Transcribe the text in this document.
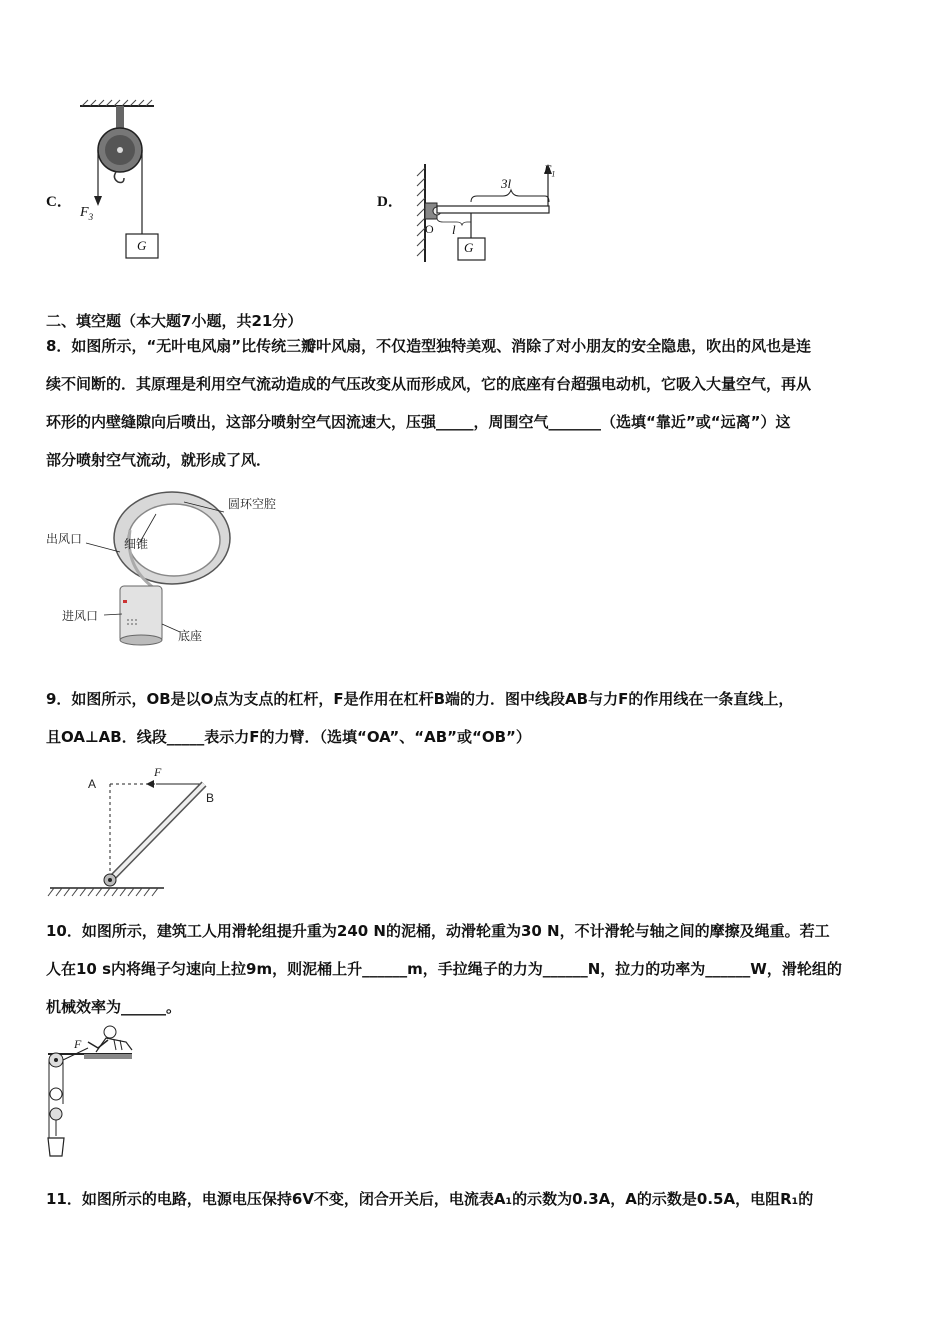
C．
$F_3$
G
D．
$F_1$
3l
l
O
G
二、填空题（本大题7小题，共21分）
8．如图所示，“无叶电风扇”比传统三瓣叶风扇，不仅造型独特美观、消除了对小朋友的安全隐患，吹出的风也是连
续不间断的．其原理是利用空气流动造成的气压改变从而形成风，它的底座有台超强电动机，它吸入大量空气，再从
环形的内壁缝隙向后喷出，这部分喷射空气因流速大，压强_____，周围空气_______（选填“靠近”或“远离”）这
部分喷射空气流动，就形成了风．
圆环空腔
出风口	细锥
进风口
底座
9．如图所示，OB是以O点为支点的杠杆，F是作用在杠杆B端的力．图中线段AB与力F的作用线在一条直线上，
且OA⊥AB．线段_____表示力F的力臂．（选填“OA”、“AB”或“OB”）
A
B
F
10．如图所示，建筑工人用滑轮组提升重为240 N的泥桶，动滑轮重为30 N，不计滑轮与轴之间的摩擦及绳重。若工
人在10 s内将绳子匀速向上拉9m，则泥桶上升______m，手拉绳子的力为______N，拉力的功率为______W，滑轮组的
机械效率为______。
F
11．如图所示的电路，电源电压保持6V不变，闭合开关后，电流表A₁的示数为0.3A，A的示数是0.5A，电阻R₁的
